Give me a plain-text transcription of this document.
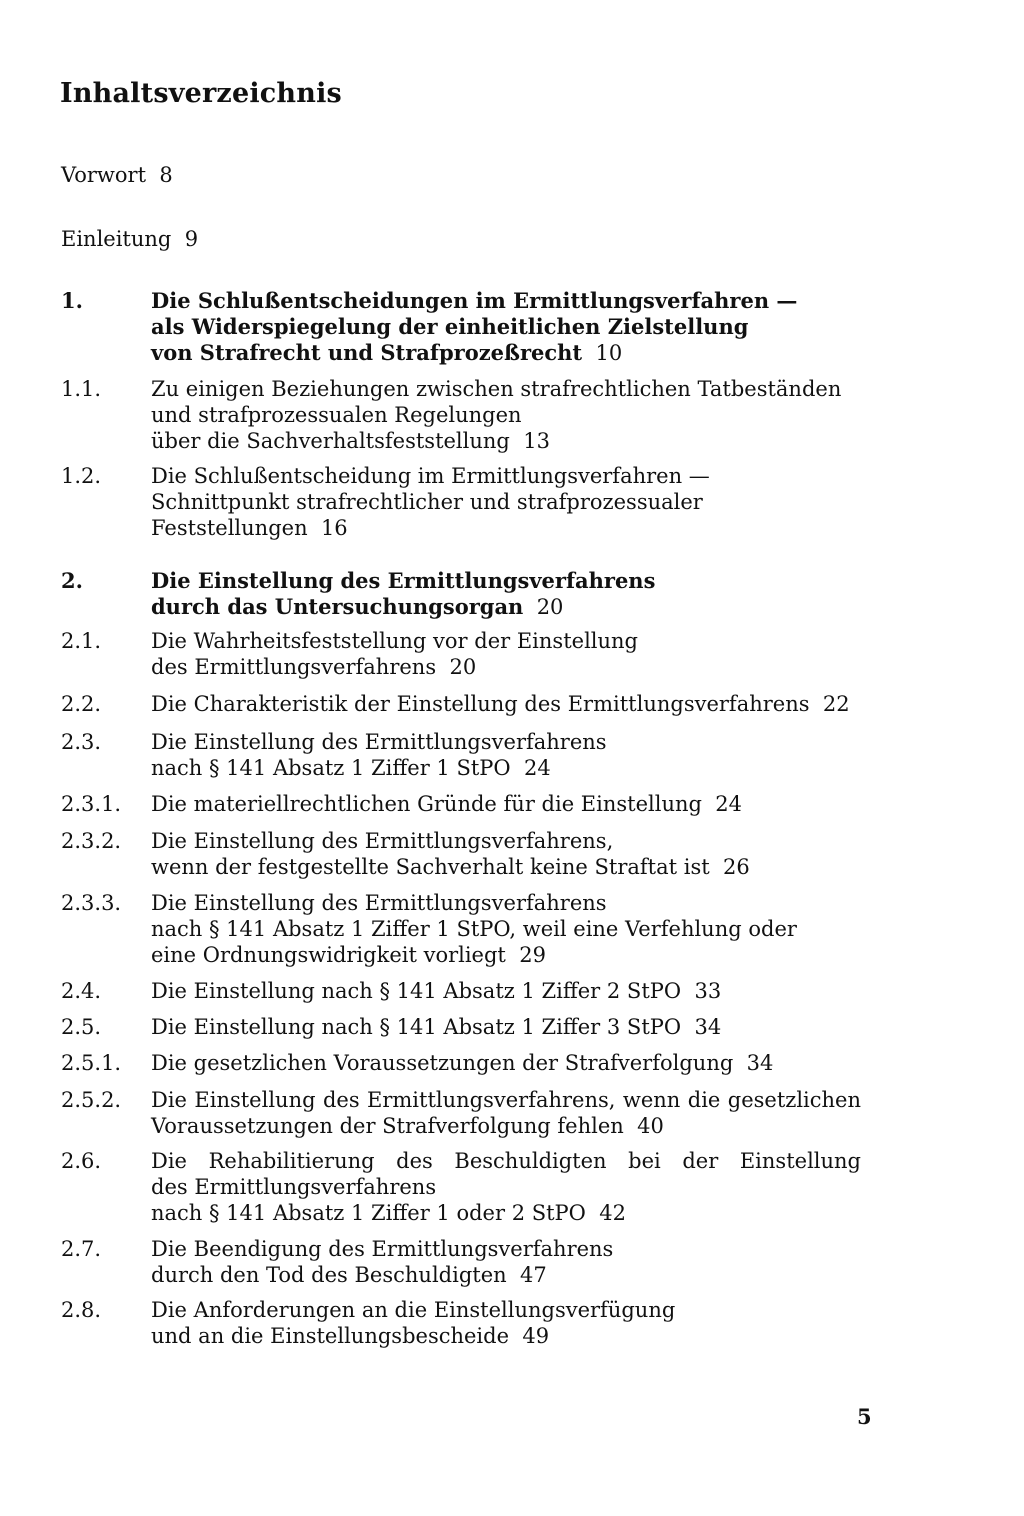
Inhaltsverzeichnis
Vorwort 8
Einleitung 9
1.	Die Schlußentscheidungen im Ermittlungsverfahren —
als Widerspiegelung der einheitlichen Zielstellung
von Strafrecht und Strafprozeßrecht  10
1.1.	Zu einigen Beziehungen zwischen strafrechtlichen Tatbeständen
und strafprozessualen Regelungen
über die Sachverhaltsfeststellung  13
1.2.	Die Schlußentscheidung im Ermittlungsverfahren —
Schnittpunkt strafrechtlicher und strafprozessualer
Feststellungen  16
2.	Die Einstellung des Ermittlungsverfahrens
durch das Untersuchungsorgan  20
2.1.	Die Wahrheitsfeststellung vor der Einstellung
des Ermittlungsverfahrens  20
2.2.	Die Charakteristik der Einstellung des Ermittlungsverfahrens  22
2.3.	Die Einstellung des Ermittlungsverfahrens
nach § 141 Absatz 1 Ziffer 1 StPO  24
2.3.1.	Die materiellrechtlichen Gründe für die Einstellung  24
2.3.2.	Die Einstellung des Ermittlungsverfahrens,
wenn der festgestellte Sachverhalt keine Straftat ist  26
2.3.3.	Die Einstellung des Ermittlungsverfahrens
nach § 141 Absatz 1 Ziffer 1 StPO, weil eine Verfehlung oder
eine Ordnungswidrigkeit vorliegt  29
2.4.	Die Einstellung nach § 141 Absatz 1 Ziffer 2 StPO  33
2.5.	Die Einstellung nach § 141 Absatz 1 Ziffer 3 StPO  34
2.5.1.	Die gesetzlichen Voraussetzungen der Strafverfolgung  34
2.5.2.	Die Einstellung des Ermittlungsverfahrens, wenn die gesetzlichen
Voraussetzungen der Strafverfolgung fehlen  40
2.6.	Die Rehabilitierung des Beschuldigten bei der Einstellung
des Ermittlungsverfahrens
nach § 141 Absatz 1 Ziffer 1 oder 2 StPO  42
2.7.	Die Beendigung des Ermittlungsverfahrens
durch den Tod des Beschuldigten  47
2.8.	Die Anforderungen an die Einstellungsverfügung
und an die Einstellungsbescheide  49
5
